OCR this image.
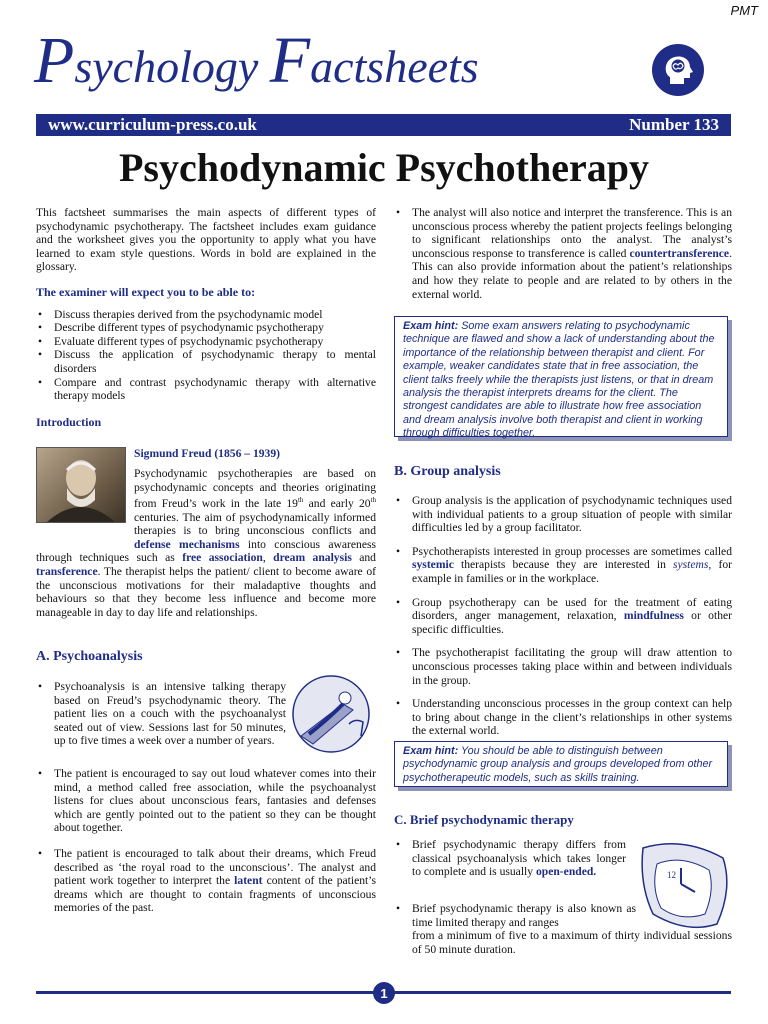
PMT
Psychology Factsheets
www.curriculum-press.co.uk	Number 133
Psychodynamic Psychotherapy

This factsheet summarises the main aspects of different types of psychodynamic psychotherapy. The factsheet includes exam guidance and the worksheet gives you the opportunity to apply what you have learned to exam style questions. Words in bold are explained in the glossary.

The examiner will expect you to be able to:

• Discuss therapies derived from the psychodynamic model
• Describe different types of psychodynamic psychotherapy
• Evaluate different types of psychodynamic psychotherapy
• Discuss the application of psychodynamic therapy to mental disorders
• Compare and contrast psychodynamic therapy with alternative therapy models

Introduction

Sigmund Freud (1856 – 1939)
Psychodynamic psychotherapies are based on psychodynamic concepts and theories originating from Freud’s work in the late 19th and early 20th centuries. The aim of psychodynamically informed therapies is to bring unconscious conflicts and defense mechanisms into conscious awareness through techniques such as free association, dream analysis and transference. The therapist helps the patient/ client to become aware of the unconscious motivations for their maladaptive thoughts and behaviours so that they become less influence and become more manageable in day to day life and relationships.
A. Psychoanalysis
• Psychoanalysis is an intensive talking therapy based on Freud’s psychodynamic theory. The patient lies on a couch with the psychoanalyst seated out of view. Sessions last for 50 minutes, up to five times a week over a number of years.
• The patient is encouraged to say out loud whatever comes into their mind, a method called free association, while the psychoanalyst listens for clues about unconscious fears, fantasies and defenses which are gently pointed out to the patient so they can be thought about together.
• The patient is encouraged to talk about their dreams, which Freud described as ‘the royal road to the unconscious’. The analyst and patient work together to interpret the latent content of the patient’s dreams which are thought to contain fragments of unconscious memories of the past.
• The analyst will also notice and interpret the transference. This is an unconscious process whereby the patient projects feelings belonging to significant relationships onto the analyst. The analyst’s unconscious response to transference is called countertransference. This can also provide information about the patient’s relationships and how they relate to people and are related to by others in the external world.
Exam hint: Some exam answers relating to psychodynamic technique are flawed and show a lack of understanding about the importance of the relationship between therapist and client. For example, weaker candidates state that in free association, the client talks freely while the therapists just listens, or that in dream analysis the therapist interprets dreams for the client. The strongest candidates are able to illustrate how free association and dream analysis involve both therapist and client in working through difficulties together.
B. Group analysis
• Group analysis is the application of psychodynamic techniques used with individual patients to a group situation of people with similar difficulties led by a group facilitator.
• Psychotherapists interested in group processes are sometimes called systemic therapists because they are interested in systems, for example in families or in the workplace.
• Group psychotherapy can be used for the treatment of eating disorders, anger management, relaxation, mindfulness or other specific difficulties.
• The psychotherapist facilitating the group will draw attention to unconscious processes taking place within and between individuals in the group.
• Understanding unconscious processes in the group context can help to bring about change in the client’s relationships in other systems the external world.
Exam hint: You should be able to distinguish between psychodynamic group analysis and groups developed from other psychotherapeutic models, such as skills training.
C. Brief psychodynamic therapy
• Brief psychodynamic therapy differs from classical psychoanalysis which takes longer to complete and is usually open-ended.	12
• Brief psychodynamic therapy is also known as time limited therapy and ranges
from a minimum of five to a maximum of thirty individual sessions of 50 minute duration.
1
